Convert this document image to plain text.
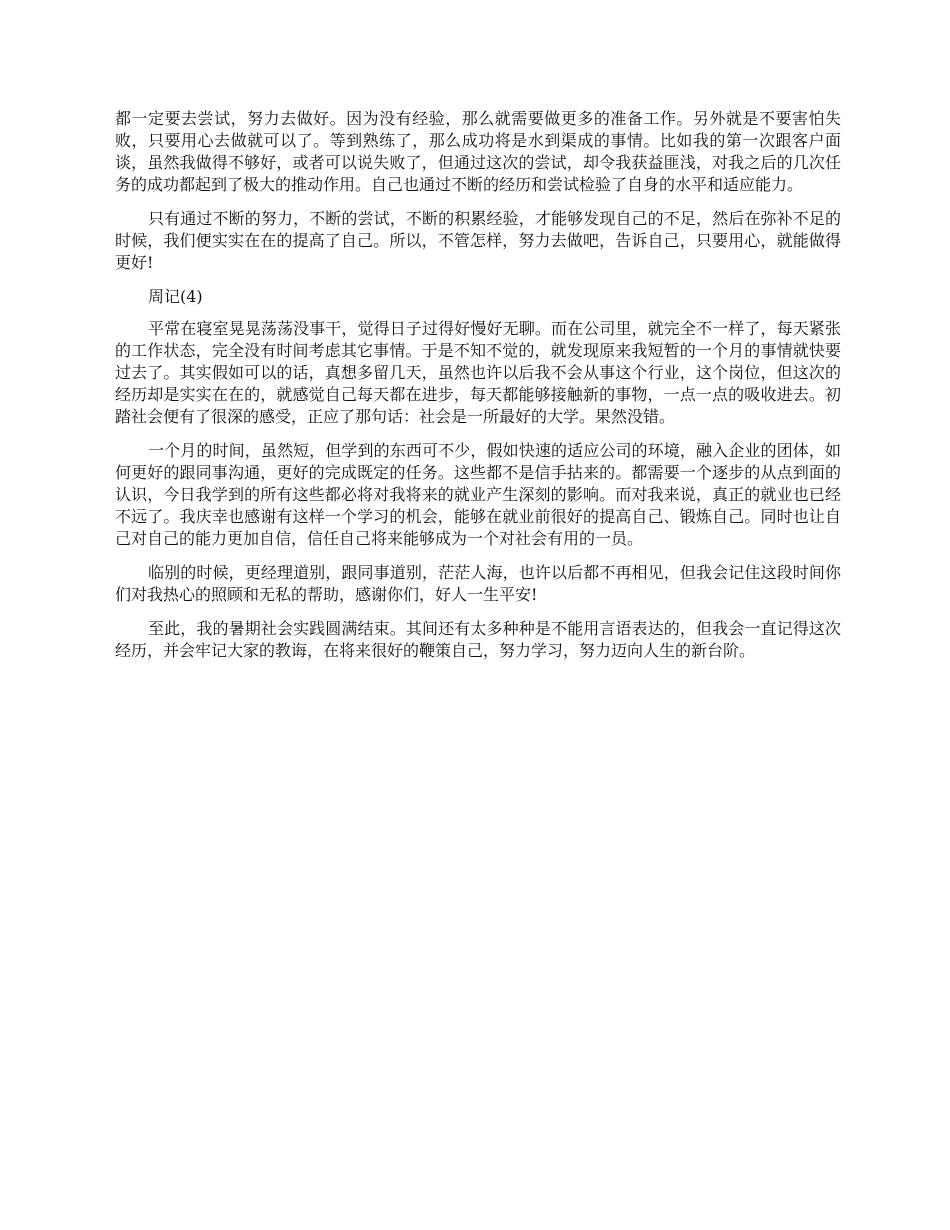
都一定要去尝试，努力去做好。因为没有经验，那么就需要做更多的准备工作。另外就是不要害怕失败，只要用心去做就可以了。等到熟练了，那么成功将是水到渠成的事情。比如我的第一次跟客户面谈，虽然我做得不够好，或者可以说失败了，但通过这次的尝试，却令我获益匪浅，对我之后的几次任务的成功都起到了极大的推动作用。自己也通过不断的经历和尝试检验了自身的水平和适应能力。

只有通过不断的努力，不断的尝试，不断的积累经验，才能够发现自己的不足，然后在弥补不足的时候，我们便实实在在的提高了自己。所以，不管怎样，努力去做吧，告诉自己，只要用心，就能做得更好!

周记(4)

平常在寝室晃晃荡荡没事干，觉得日子过得好慢好无聊。而在公司里，就完全不一样了，每天紧张的工作状态，完全没有时间考虑其它事情。于是不知不觉的，就发现原来我短暂的一个月的事情就快要过去了。其实假如可以的话，真想多留几天，虽然也许以后我不会从事这个行业，这个岗位，但这次的经历却是实实在在的，就感觉自己每天都在进步，每天都能够接触新的事物，一点一点的吸收进去。初踏社会便有了很深的感受，正应了那句话：社会是一所最好的大学。果然没错。

一个月的时间，虽然短，但学到的东西可不少，假如快速的适应公司的环境，融入企业的团体，如何更好的跟同事沟通，更好的完成既定的任务。这些都不是信手拈来的。都需要一个逐步的从点到面的认识，今日我学到的所有这些都必将对我将来的就业产生深刻的影响。而对我来说，真正的就业也已经不远了。我庆幸也感谢有这样一个学习的机会，能够在就业前很好的提高自己、锻炼自己。同时也让自己对自己的能力更加自信，信任自己将来能够成为一个对社会有用的一员。

临别的时候，更经理道别，跟同事道别，茫茫人海，也许以后都不再相见，但我会记住这段时间你们对我热心的照顾和无私的帮助，感谢你们，好人一生平安!

至此，我的暑期社会实践圆满结束。其间还有太多种种是不能用言语表达的，但我会一直记得这次经历，并会牢记大家的教诲，在将来很好的鞭策自己，努力学习，努力迈向人生的新台阶。
